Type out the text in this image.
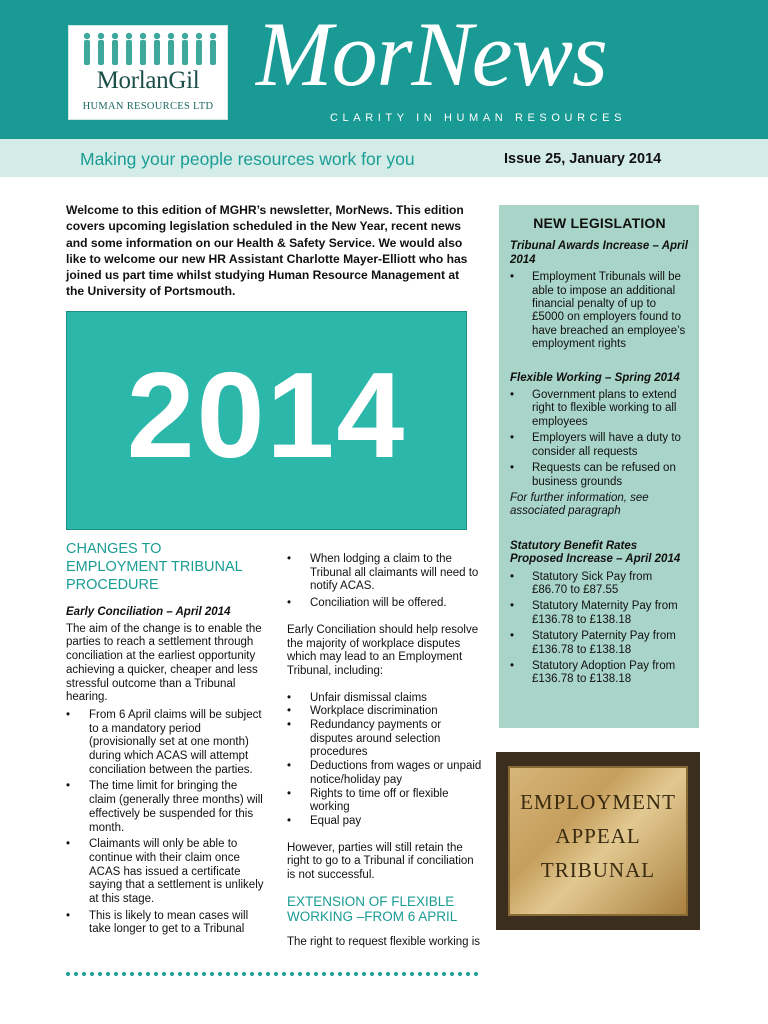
MorlanGil
HUMAN RESOURCES LTD
MorNews
CLARITY IN HUMAN RESOURCES
Making your people resources work for you	Issue 25, January 2014
Welcome to this edition of MGHR’s newsletter, MorNews. This edition covers upcoming legislation scheduled in the New Year, recent news and some information on our Health & Safety Service. We would also like to welcome our new HR Assistant Charlotte Mayer-Elliott who has joined us part time whilst studying Human Resource Management at the University of Portsmouth.
2014
CHANGES TO EMPLOYMENT TRIBUNAL PROCEDURE

Early Conciliation – April 2014

The aim of the change is to enable the parties to reach a settlement through conciliation at the earliest opportunity achieving a quicker, cheaper and less stressful outcome than a Tribunal hearing.

• From 6 April claims will be subject to a mandatory period (provisionally set at one month) during which ACAS will attempt conciliation between the parties.
• The time limit for bringing the claim (generally three months) will effectively be suspended for this month.
• Claimants will only be able to continue with their claim once ACAS has issued a certificate saying that a settlement is unlikely at this stage.
• This is likely to mean cases will take longer to get to a Tribunal
• When lodging a claim to the Tribunal all claimants will need to notify ACAS.
• Conciliation will be offered.

Early Conciliation should help resolve the majority of workplace disputes which may lead to an Employment Tribunal, including:

• Unfair dismissal claims
• Workplace discrimination
• Redundancy payments or disputes around selection procedures
• Deductions from wages or unpaid notice/holiday pay
• Rights to time off or flexible working
• Equal pay

However, parties will still retain the right to go to a Tribunal if conciliation is not successful.

EXTENSION OF FLEXIBLE WORKING –FROM 6 APRIL

The right to request flexible working is

NEW LEGISLATION
Tribunal Awards Increase – April 2014
• Employment Tribunals will be able to impose an additional financial penalty of up to £5000 on employers found to have breached an employee’s employment rights
Flexible Working – Spring 2014
• Government plans to extend right to flexible working to all employees
• Employers will have a duty to consider all requests
• Requests can be refused on business grounds
For further information, see associated paragraph
Statutory Benefit Rates Proposed Increase – April 2014
• Statutory Sick Pay from £86.70 to £87.55
• Statutory Maternity Pay from £136.78 to £138.18
• Statutory Paternity Pay from £136.78 to £138.18
• Statutory Adoption Pay from £136.78 to £138.18
EMPLOYMENT
APPEAL
TRIBUNAL
